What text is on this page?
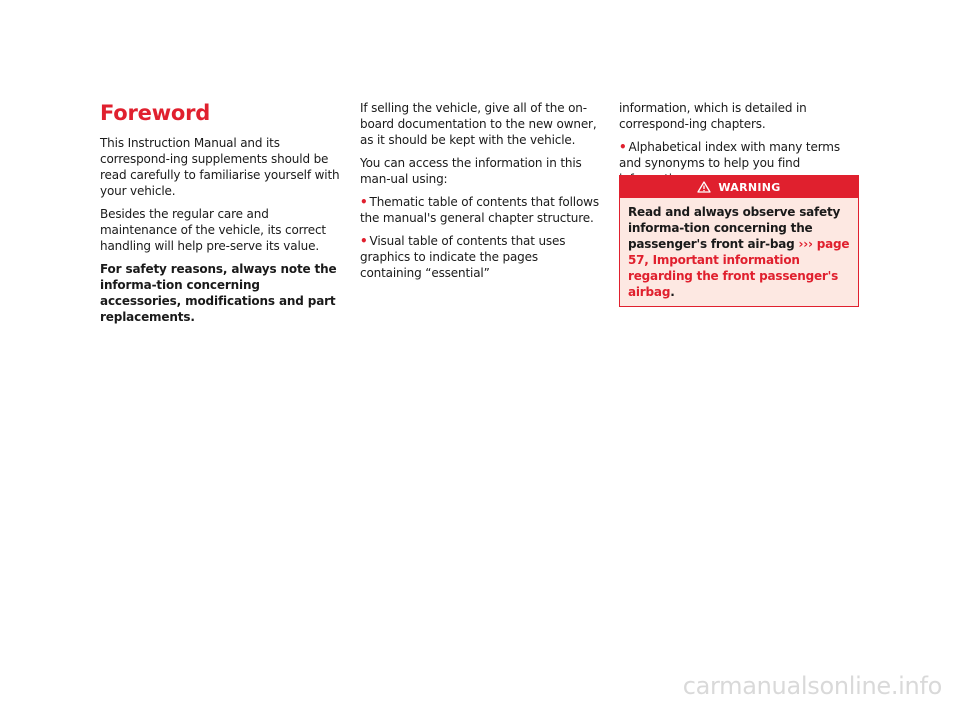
Foreword

This Instruction Manual and its correspond-ing supplements should be read carefully to familiarise yourself with your vehicle.

Besides the regular care and maintenance of the vehicle, its correct handling will help pre-serve its value.

For safety reasons, always note the informa-tion concerning accessories, modifications and part replacements.

If selling the vehicle, give all of the on-board documentation to the new owner, as it should be kept with the vehicle.

You can access the information in this man-ual using:

• Thematic table of contents that follows the manual's general chapter structure.
• Visual table of contents that uses graphics to indicate the pages containing “essential”

information, which is detailed in correspond-ing chapters.

• Alphabetical index with many terms and synonyms to help you find
WARNING
Read and always observe safety informa-tion concerning the passenger's front air-bag ››› page 57, Important information regarding the front passenger's airbag.
carmanualsonline.info
